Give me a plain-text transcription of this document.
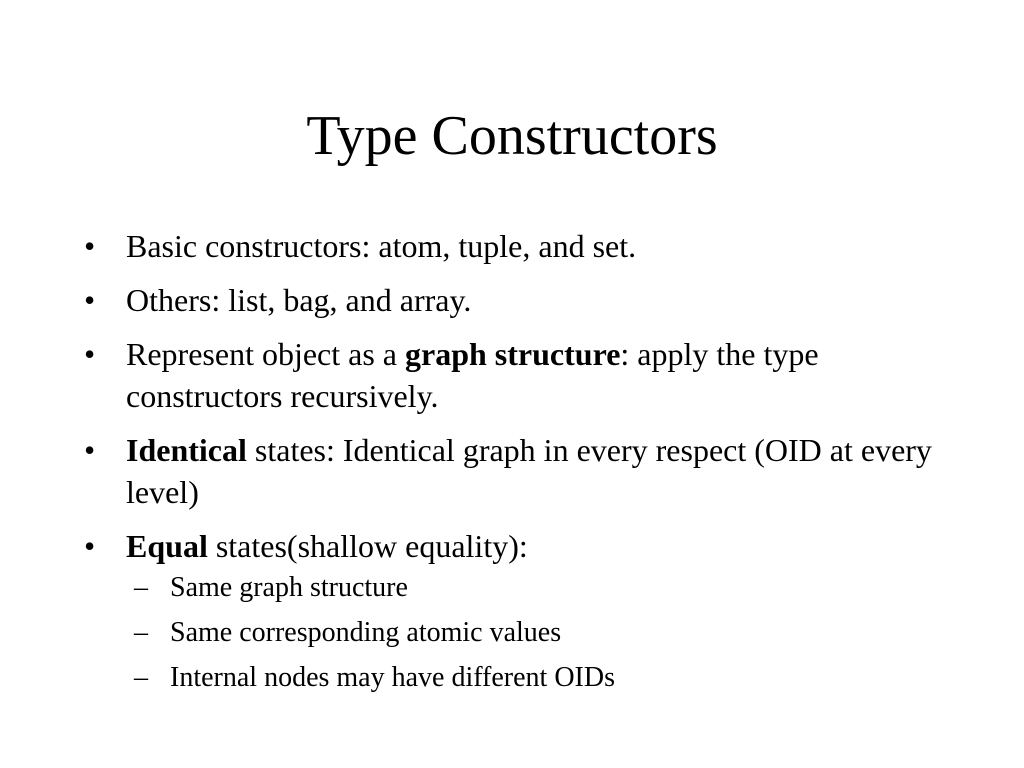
Type Constructors
• Basic constructors: atom, tuple, and set.
• Others: list, bag, and array.
• Represent object as a graph structure: apply the type constructors recursively.
• Identical states: Identical graph in every respect (OID at every level)
• Equal states(shallow equality):
– Same graph structure
– Same corresponding atomic values
– Internal nodes may have different OIDs
